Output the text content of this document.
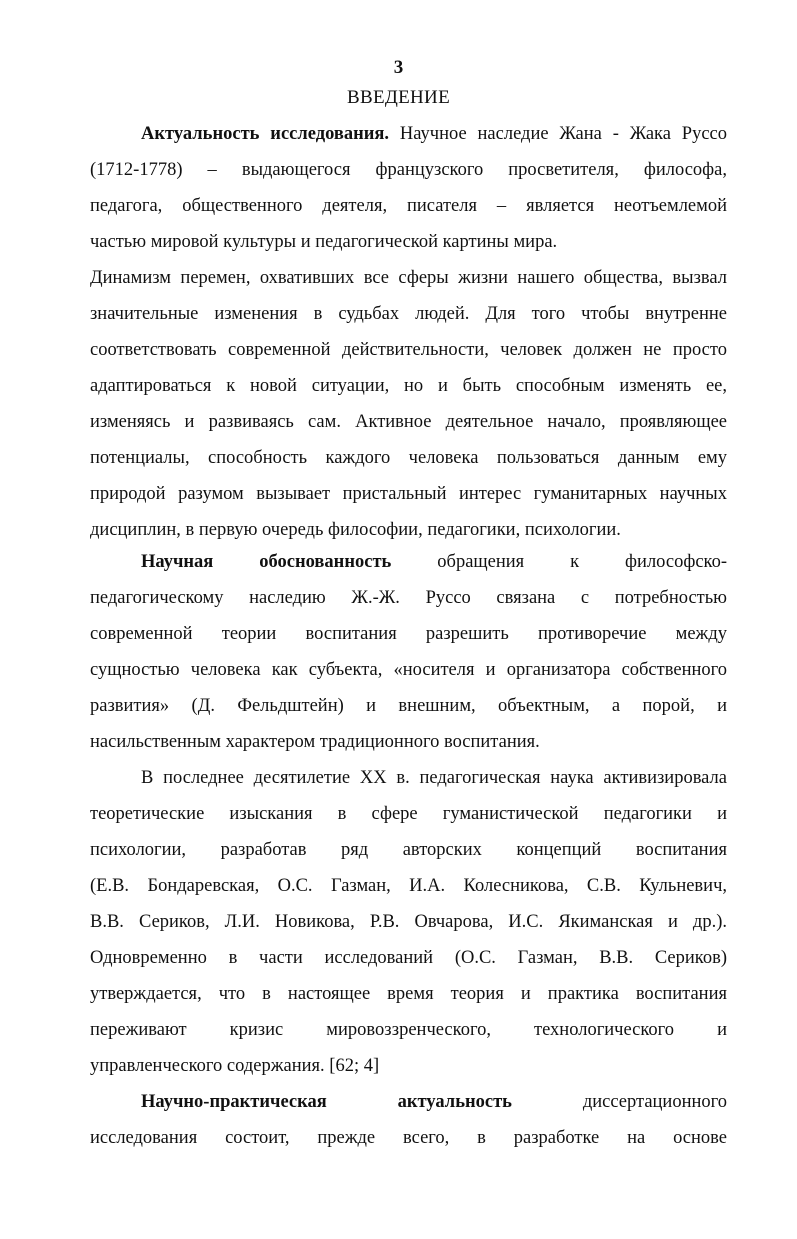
3
ВВЕДЕНИЕ
Актуальность исследования. Научное наследие Жана - Жака Руссо
(1712-1778) – выдающегося французского просветителя, философа,
педагога, общественного деятеля, писателя – является неотъемлемой
частью мировой культуры и педагогической картины мира.
Динамизм перемен, охвативших все сферы жизни нашего общества, вызвал
значительные изменения в судьбах людей. Для того чтобы внутренне
соответствовать современной действительности, человек должен не просто
адаптироваться к новой ситуации, но и быть способным изменять ее,
изменяясь и развиваясь сам. Активное деятельное начало, проявляющее
потенциалы, способность каждого человека пользоваться данным ему
природой разумом вызывает пристальный интерес гуманитарных научных
дисциплин, в первую очередь философии, педагогики, психологии.
Научная обоснованность обращения к философско-
педагогическому наследию Ж.-Ж. Руссо связана с потребностью
современной теории воспитания разрешить противоречие между
сущностью человека как субъекта, «носителя и организатора собственного
развития» (Д. Фельдштейн) и внешним, объектным, а порой, и
насильственным характером традиционного воспитания.
В последнее десятилетие XX в. педагогическая наука активизировала
теоретические изыскания в сфере гуманистической педагогики и
психологии, разработав ряд авторских концепций воспитания
(Е.В. Бондаревская, О.С. Газман, И.А. Колесникова, С.В. Кульневич,
В.В. Сериков, Л.И. Новикова, Р.В. Овчарова, И.С. Якиманская и др.).
Одновременно в части исследований (О.С. Газман, В.В. Сериков)
утверждается, что в настоящее время теория и практика воспитания
переживают кризис мировоззренческого, технологического и
управленческого содержания. [62; 4]
Научно-практическая	актуальность	диссертационного
исследования состоит, прежде всего, в разработке на основе
